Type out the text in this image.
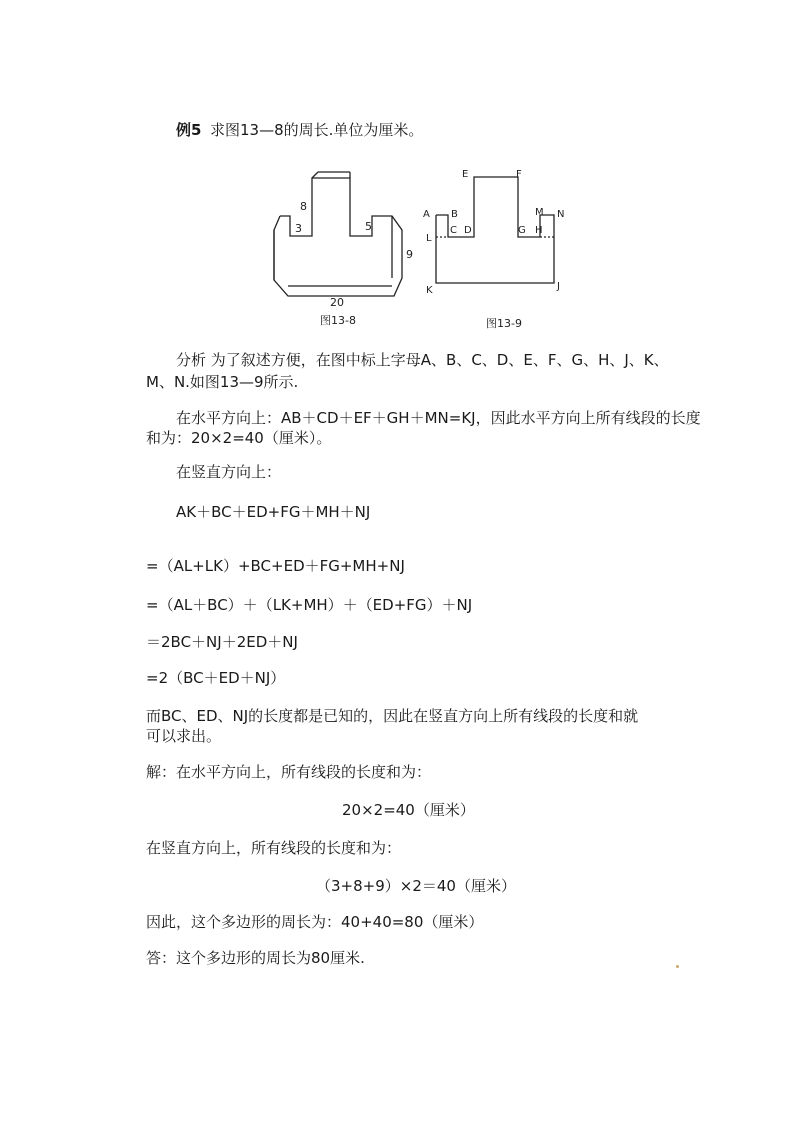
例5 求图13—8的周长.单位为厘米。
8
3	5
9
20
图13-8
A B
C D
E	F
G H
M N
L
K	J
图13-9
分析 为了叙述方便，在图中标上字母A、B、C、D、E、F、G、H、J、K、
M、N.如图13—9所示.
在水平方向上：AB＋CD＋EF＋GH＋MN=KJ，因此水平方向上所有线段的长度
和为：20×2=40（厘米）。
在竖直方向上：
AK＋BC＋ED+FG＋MH＋NJ
=（AL+LK）+BC+ED＋FG+MH+NJ
=（AL＋BC）＋（LK+MH）＋（ED+FG）＋NJ
＝2BC＋NJ＋2ED＋NJ
=2（BC＋ED＋NJ）
而BC、ED、NJ的长度都是已知的，因此在竖直方向上所有线段的长度和就
可以求出。
解：在水平方向上，所有线段的长度和为：
20×2=40（厘米）
在竖直方向上，所有线段的长度和为：
（3+8+9）×2＝40（厘米）
因此，这个多边形的周长为：40+40=80（厘米）
答：这个多边形的周长为80厘米.
